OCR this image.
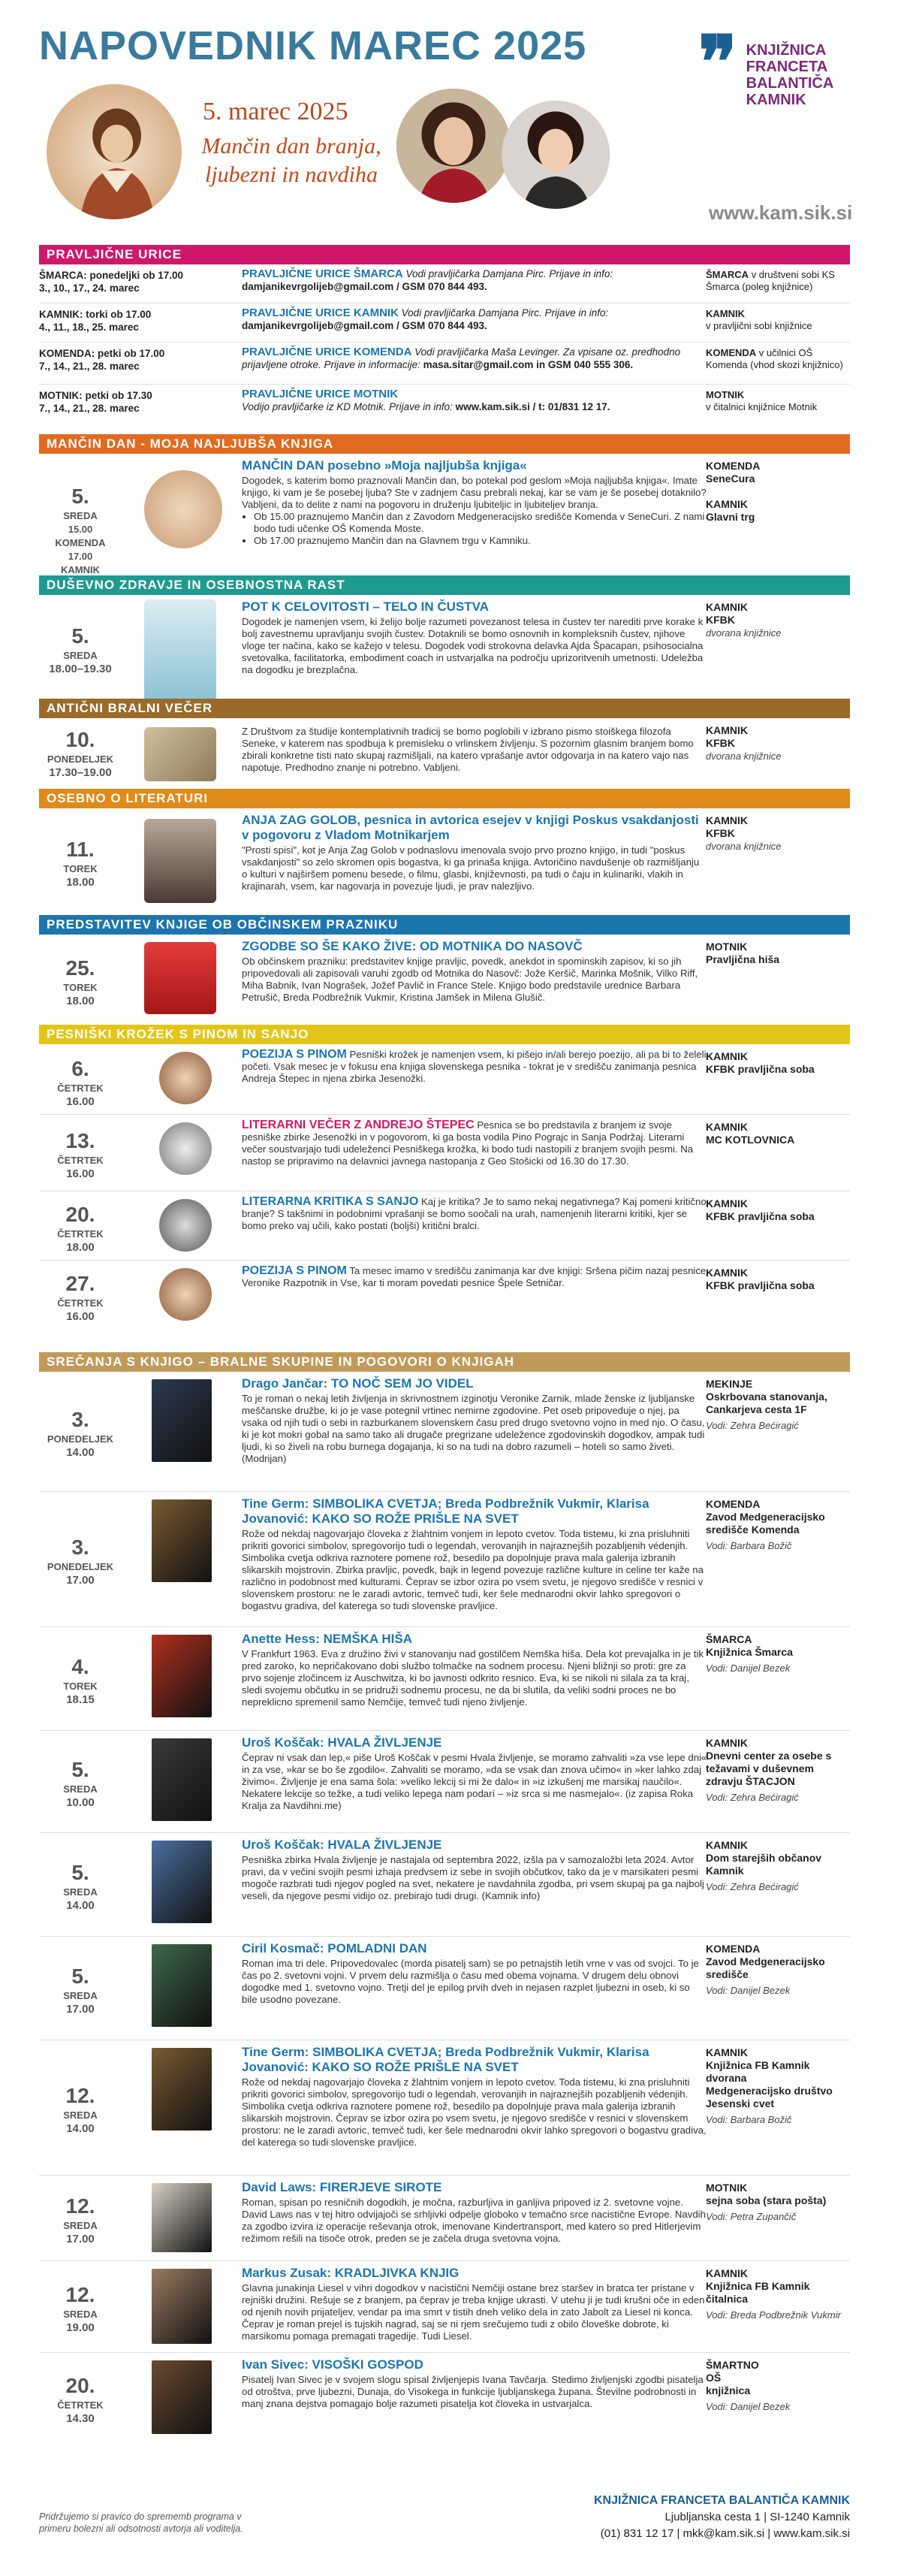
NAPOVEDNIK MAREC 2025 ❞ KNJIŽNICA
FRANCETA
BALANTIČA
KAMNIK
5. marec 2025
Mančin dan branja, ljubezni in navdiha
www.kam.sik.si
PRAVLJIČNE URICE
ŠMARCA: ponedeljki ob 17.00
3., 10., 17., 24. marec
PRAVLJIČNE URICE ŠMARCA Vodi pravljičarka Damjana Pirc. Prijave in info:
damjanikevrgolijeb@gmail.com / GSM 070 844 493.
ŠMARCA v društveni sobi KS Šmarca (poleg knjižnice)
KAMNIK: torki ob 17.00
4., 11., 18., 25. marec
PRAVLJIČNE URICE KAMNIK Vodi pravljičarka Damjana Pirc. Prijave in info:
damjanikevrgolijeb@gmail.com / GSM 070 844 493.
KAMNIK
v pravljični sobi knjižnice
KOMENDA: petki ob 17.00
7., 14., 21., 28. marec
PRAVLJIČNE URICE KOMENDA Vodi pravljičarka Maša Levinger. Za vpisane oz. predhodno prijavljene otroke. Prijave in informacije: masa.sitar@gmail.com in GSM 040 555 306.
KOMENDA v učilnici OŠ Komenda (vhod skozi knjižnico)
MOTNIK: petki ob 17.30
7., 14., 21., 28. marec
PRAVLJIČNE URICE MOTNIK
Vodijo pravljičarke iz KD Motnik. Prijave in info: www.kam.sik.si / t: 01/831 12 17.
MOTNIK
v čitalnici knjižnice Motnik
MANČIN DAN - MOJA NAJLJUBŠA KNJIGA
5.
SREDA
15.00 KOMENDA 17.00 KAMNIK
MANČIN DAN posebno »Moja najljubša knjiga«
Dogodek, s katerim bomo praznovali Mančin dan, bo potekal pod geslom »Moja najljubša knjiga«. Imate knjigo, ki vam je še posebej ljuba? Ste v zadnjem času prebrali nekaj, kar se vam je še posebej dotaknilo? Vabljeni, da to delite z nami na pogovoru in druženju ljubiteljic in ljubiteljev branja.
• Ob 15.00 praznujemo Mančin dan z Zavodom Medgeneracijsko središče Komenda v SeneCuri. Z nami bodo tudi učenke OŠ Komenda Moste.
• Ob 17.00 praznujemo Mančin dan na Glavnem trgu v Kamniku.
KOMENDA
SeneCura

KAMNIK
Glavni trg
DUŠEVNO ZDRAVJE IN OSEBNOSTNA RAST
5.
SREDA
18.00–19.30
POT K CELOVITOSTI – TELO IN ČUSTVA
Dogodek je namenjen vsem, ki želijo bolje razumeti povezanost telesa in čustev ter narediti prve korake k bolj zavestnemu upravljanju svojih čustev. Dotaknili se bomo osnovnih in kompleksnih čustev, njihove vloge ter načina, kako se kažejo v telesu. Dogodek vodi strokovna delavka Ajda Špacapan, psihosocialna svetovalka, facilitatorka, embodiment coach in ustvarjalka na področju uprizoritvenih umetnosti. Udeležba na dogodku je brezplačna.
KAMNIK
KFBK
dvorana knjižnice
ANTIČNI BRALNI VEČER
10.
PONEDELJEK
17.30–19.00
Z Društvom za študije kontemplativnih tradicij se bomo poglobili v izbrano pismo stoiškega filozofa Seneke, v katerem nas spodbuja k premisleku o vrlinskem življenju. S pozornim glasnim branjem bomo zbirali konkretne tisti nato skupaj razmišljali, na katero vprašanje avtor odgovarja in na katero vajo nas napotuje. Predhodno znanje ni potrebno. Vabljeni.
KAMNIK
KFBK
dvorana knjižnice
OSEBNO O LITERATURI
11.
TOREK
18.00
ANJA ZAG GOLOB, pesnica in avtorica esejev v knjigi Poskus vsakdanjosti v pogovoru z Vladom Motnikarjem
"Prosti spisi", kot je Anja Zag Golob v podnaslovu imenovala svojo prvo prozno knjigo, in tudi "poskus vsakdanjosti" so zelo skromen opis bogastva, ki ga prinaša knjiga. Avtoričino navdušenje ob razmišljanju o kulturi v najširšem pomenu besede, o filmu, glasbi, književnosti, pa tudi o čaju in kulinariki, vlakih in krajinarah, vsem, kar nagovarja in povezuje ljudi, je prav nalezljivo.
KAMNIK
KFBK
dvorana knjižnice
PREDSTAVITEV KNJIGE OB OBČINSKEM PRAZNIKU
25.
TOREK
18.00
ZGODBE SO ŠE KAKO ŽIVE: OD MOTNIKA DO NASOVČ
Ob občinskem prazniku: predstavitev knjige pravljic, povedk, anekdot in spominskih zapisov, ki so jih pripovedovali ali zapisovali varuhi zgodb od Motnika do Nasovč: Jože Keršič, Marinka Mošnik, Vilko Riff, Miha Babnik, Ivan Nograšek, Jožef Pavlič in France Stele. Knjigo bodo predstavile urednice Barbara Petrušič, Breda Podbrežnik Vukmir, Kristina Jamšek in Milena Glušič.
MOTNIK
Pravljična hiša
PESNIŠKI KROŽEK S PINOM IN SANJO
6.
ČETRTEK
16.00
POEZIJA S PINOM Pesniški krožek je namenjen vsem, ki pišejo in/ali berejo poezijo, ali pa bi to želeli početi. Vsak mesec je v fokusu ena knjiga slovenskega pesnika - tokrat je v središču zanimanja pesnica Andreja Štepec in njena zbirka Jesenožki.
KAMNIK
KFBK pravljična soba
13.
ČETRTEK
16.00
LITERARNI VEČER Z ANDREJO ŠTEPEC Pesnica se bo predstavila z branjem iz svoje pesniške zbirke Jesenožki in v pogovorom, ki ga bosta vodila Pino Pograjc in Sanja Podržaj. Literarni večer soustvarjajo tudi udeleženci Pesniškega krožka, ki bodo tudi nastopili z branjem svojih pesmi. Na nastop se pripravimo na delavnici javnega nastopanja z Geo Stošicki od 16.30 do 17.30.
KAMNIK
MC KOTLOVNICA
20.
ČETRTEK
18.00
LITERARNA KRITIKA S SANJO Kaj je kritika? Je to samo nekaj negativnega? Kaj pomeni kritično branje? S takšnimi in podobnimi vprašanji se bomo soočali na urah, namenjenih literarni kritiki, kjer se bomo preko vaj učili, kako postati (boljši) kritični bralci.
KAMNIK
KFBK pravljična soba
27.
ČETRTEK
16.00
POEZIJA S PINOM Ta mesec imamo v središču zanimanja kar dve knjigi: Sršena pičim nazaj pesnice Veronike Razpotnik in Vse, kar ti moram povedati pesnice Špele Setničar.
KAMNIK
KFBK pravljična soba
SREČANJA S KNJIGO – BRALNE SKUPINE IN POGOVORI O KNJIGAH
3.
PONEDELJEK
14.00
Drago Jančar: TO NOČ SEM JO VIDEL
To je roman o nekaj letih življenja in skrivnostnem izginotju Veronike Zarnik, mlade ženske iz ljubljanske meščanske družbe, ki jo je vase potegnil vrtinec nemirne zgodovine. Pet oseb pripoveduje o njej, pa vsaka od njih tudi o sebi in razburkanem slovenskem času pred drugo svetovno vojno in med njo. O času, ki je kot mokri gobal na samo tako ali drugače pregrizane udeležence zgodovinskih dogodkov, ampak tudi ljudi, ki so živeli na robu burnega dogajanja, ki so na tudi na dobro razumeli – hoteli so samo živeti. (Modrijan)
MEKINJE
Oskrbovana stanovanja, Cankarjeva cesta 1F
Vodi: Zehra Bećiragić
3.
PONEDELJEK
17.00
Tine Germ: SIMBOLIKA CVETJA; Breda Podbrežnik Vukmir, Klarisa Jovanović: KAKO SO ROŽE PRIŠLE NA SVET
Rože od nekdaj nagovarjajo človeka z žlahtnim vonjem in lepoto cvetov. Toda tisteмu, ki zna prisluhniti prikriti govorici simbolov, spregovorijo tudi o legendah, verovanjih in najraznejših pozabljenih védenjih. Simbolika cvetja odkriva raznotere pomene rož, besedilo pa dopolnjuje prava mala galerija izbranih slikarskih mojstrovin. Zbirka pravljic, povedk, bajk in legend povezuje različne kulture in celine ter kaže na različno in podobnost med kulturami. Čeprav se izbor ozira po vsem svetu, je njegovo središče v resnici v slovenskem prostoru: ne le zaradi avtoric, temveč tudi, ker šele mednarodni okvir lahko spregovori o bogastvu gradiva, del katerega so tudi slovenske pravljice.
KOMENDA
Zavod Medgeneracijsko središče Komenda
Vodi: Barbara Božič
4.
TOREK
18.15
Anette Hess: NEMŠKA HIŠA
V Frankfurt 1963. Eva z družino živi v stanovanju nad gostilčem Nemška hiša. Dela kot prevajalka in je tik pred zaroko, ko nepričakovano dobi službo tolmačke na sodnem procesu. Njeni bližnji so proti: gre za prvo sojenje zločincem iz Auschwitza, ki bo javnosti odkrito resnico. Eva, ki se nikoli ni silala za ta kraj, sledi svojemu občutku in se pridruži sodnemu procesu, ne da bi slutila, da veliki sodni proces ne bo nepreklicno spremenil samo Nemčije, temveč tudi njeno življenje.
ŠMARCA
Knjižnica Šmarca
Vodi: Danijel Bezek
5.
SREDA
10.00
Uroš Koščak: HVALA ŽIVLJENJE
Čeprav ni vsak dan lep,« piše Uroš Koščak v pesmi Hvala življenje, se moramo zahvaliti »za vse lepe dni« in za vse, »kar se bo še zgodilo«. Zahvaliti se moramo, »da se vsak dan znova učimo« in »ker lahko zdaj živimo«. Življenje je ena sama šola: »veliko lekcij si mi že dalo« in »iz izkušenj me marsikaj naučilo«. Nekatere lekcije so težke, a tudi veliko lepega nam podarí – »iz srca si me nasmejalo«. (iz zapisa Roka Kralja za Navdihni.me)
KAMNIK
Dnevni center za osebe s težavami v duševnem zdravju ŠTACJON
Vodi: Zehra Bećiragić
5.
SREDA
14.00
Uroš Koščak: HVALA ŽIVLJENJE
Pesniška zbirka Hvala življenje je nastajala od septembra 2022, izšla pa v samozaložbi leta 2024. Avtor pravi, da v večini svojih pesmi izhaja predvsem iz sebe in svojih občutkov, tako da je v marsikateri pesmi mogoče razbrati tudi njegov pogled na svet, nekatere je navdahnila zgodba, pri vsem skupaj pa ga najbolj veseli, da njegove pesmi vidijo oz. prebirajo tudi drugi. (Kamnik info)
KAMNIK
Dom starejših občanov Kamnik
Vodi: Zehra Bećiragić
5.
SREDA
17.00
Ciril Kosmač: POMLADNI DAN
Roman ima tri dele. Pripovedovalec (morda pisatelj sam) se po petnajstih letih vrne v vas od svojci. To je čas po 2. svetovni vojni. V prvem delu razmišlja o času med obema vojnama. V drugem delu obnovi dogodke med 1. svetovno vojno. Tretji del je epilog prvih dveh in nejasen razplet ljubezni in oseb, ki so bile usodno povezane.
KOMENDA
Zavod Medgeneracijsko središče
Vodi: Danijel Bezek
12.
SREDA
14.00
Tine Germ: SIMBOLIKA CVETJA; Breda Podbrežnik Vukmir, Klarisa Jovanović: KAKO SO ROŽE PRIŠLE NA SVET
Rože od nekdaj nagovarjajo človeka z žlahtnim vonjem in lepoto cvetov. Toda tisteмu, ki zna prisluhniti prikriti govorici simbolov, spregovorijo tudi o legendah, verovanjih in najraznejših pozabljenih védenjih. Simbolika cvetja odkriva raznotere pomene rož, besedilo pa dopolnjuje prava mala galerija izbranih slikarskih mojstrovin. Čeprav se izbor ozira po vsem svetu, je njegovo središče v resnici v slovenskem prostoru: ne le zaradi avtoric, temveč tudi, ker šele mednarodni okvir lahko spregovori o bogastvu gradiva, del katerega so tudi slovenske pravljice.
KAMNIK
Knjižnica FB Kamnik
dvorana
Medgeneracijsko društvo Jesenski cvet
Vodi: Barbara Božič
12.
SREDA
17.00
David Laws: FIRERJEVE SIROTE
Roman, spisan po resničnih dogodkih, je močna, razburljiva in ganljiva pripoved iz 2. svetovne vojne. David Laws nas v tej hitro odvijajoči se srhljivki odpelje globoko v temačno srce nacistične Evrope. Navdih za zgodbo izvira iz operacije reševanja otrok, imenovane Kindertransport, med katero so pred Hitlerjevim režimom rešili na tisoče otrok, preden se je začela druga svetovna vojna.
MOTNIK
sejna soba (stara pošta)
Vodi: Petra Zupančič
12.
SREDA
19.00
Markus Zusak: KRADLJIVKA KNJIG
Glavna junakinja Liesel v vihri dogodkov v nacistični Nemčiji ostane brez staršev in bratca ter pristane v rejniški družini. Rešuje se z branjem, pa čeprav je treba knjige ukrasti. V utehu ji je tudi krušni oče in eden od njenih novih prijateljev, vendar pa ima smrt v tistih dneh veliko dela in zato Jabolt za Liesel ni konca. Čeprav je roman prejel is tujskih nagrad, saj se ni rjem srečujemo tudi z obilo človeške dobrote, ki marsikomu pomaga premagati tragedije. Tudi Liesel.
KAMNIK
Knjižnica FB Kamnik
čitalnica
Vodi: Breda Podbrežnik Vukmir
20.
ČETRTEK
14.30
Ivan Sivec: VISOŠKI GOSPOD
Pisatelj Ivan Sivec je v svojem slogu spisal življenjepis Ivana Tavčarja. Stedimo življenjski zgodbi pisatelja od otroštva, prve ljubezni, Dunaja, do Visokega in funkcije ljubljanskega župana. Številne podrobnosti in manj znana dejstva pomagajo bolje razumeti pisatelja kot človeka in ustvarjalca.
ŠMARTNO
OŠ
knjižnica
Vodi: Danijel Bezek
Pridržujemo si pravico do sprememb programa v primeru bolezni ali odsotnosti avtorja ali voditelja.
KNJIŽNICA FRANCETA BALANTIČA KAMNIK
Ljubljanska cesta 1 | SI-1240 Kamnik
(01) 831 12 17 | mkk@kam.sik.si | www.kam.sik.si
